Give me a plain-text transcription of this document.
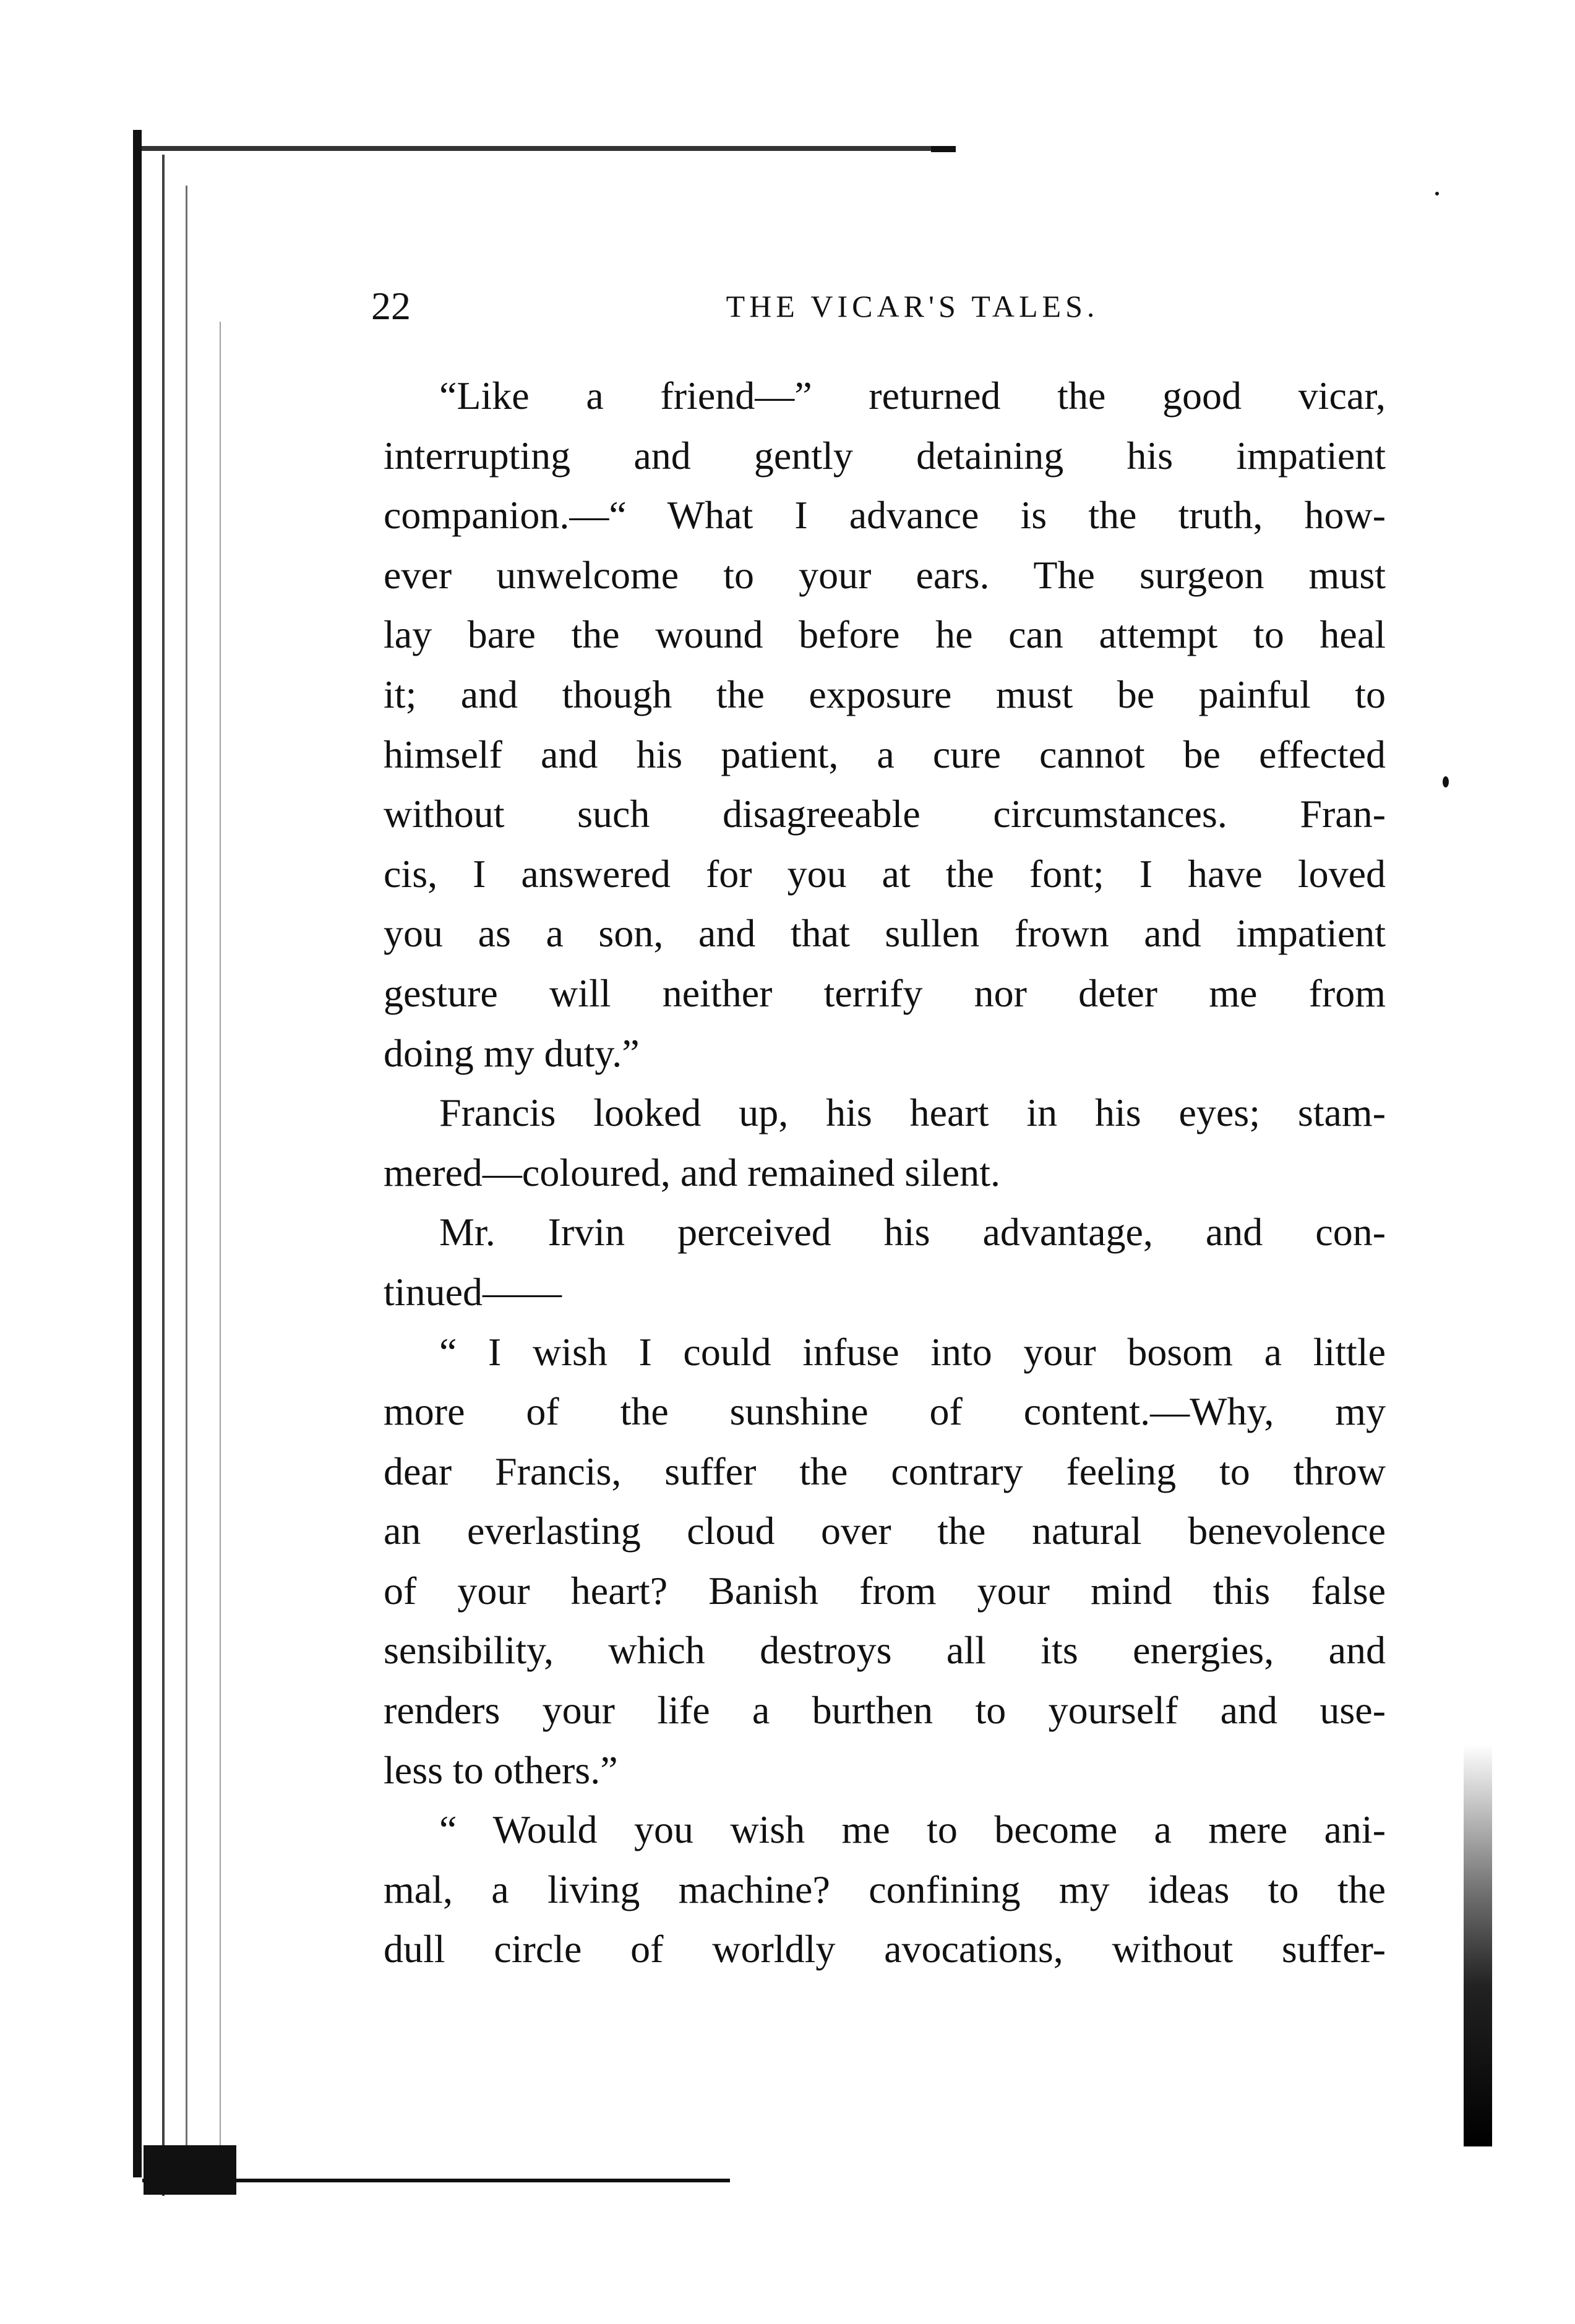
22	THE VICAR'S TALES.
“Like a friend—” returned the good vicar,
interrupting and gently detaining his impatient
companion.—“ What I advance is the truth, how-
ever unwelcome to your ears. The surgeon must
lay bare the wound before he can attempt to heal
it; and though the exposure must be painful to
himself and his patient, a cure cannot be effected
without such disagreeable circumstances. Fran-
cis, I answered for you at the font; I have loved
you as a son, and that sullen frown and impatient
gesture will neither terrify nor deter me from
doing my duty.”
Francis looked up, his heart in his eyes; stam-
mered—coloured, and remained silent.
Mr. Irvin perceived his advantage, and con-
tinued——
“ I wish I could infuse into your bosom a little
more of the sunshine of content.—Why, my
dear Francis, suffer the contrary feeling to throw
an everlasting cloud over the natural benevolence
of your heart? Banish from your mind this false
sensibility, which destroys all its energies, and
renders your life a burthen to yourself and use-
less to others.”
“ Would you wish me to become a mere ani-
mal, a living machine? confining my ideas to the
dull circle of worldly avocations, without suffer-
